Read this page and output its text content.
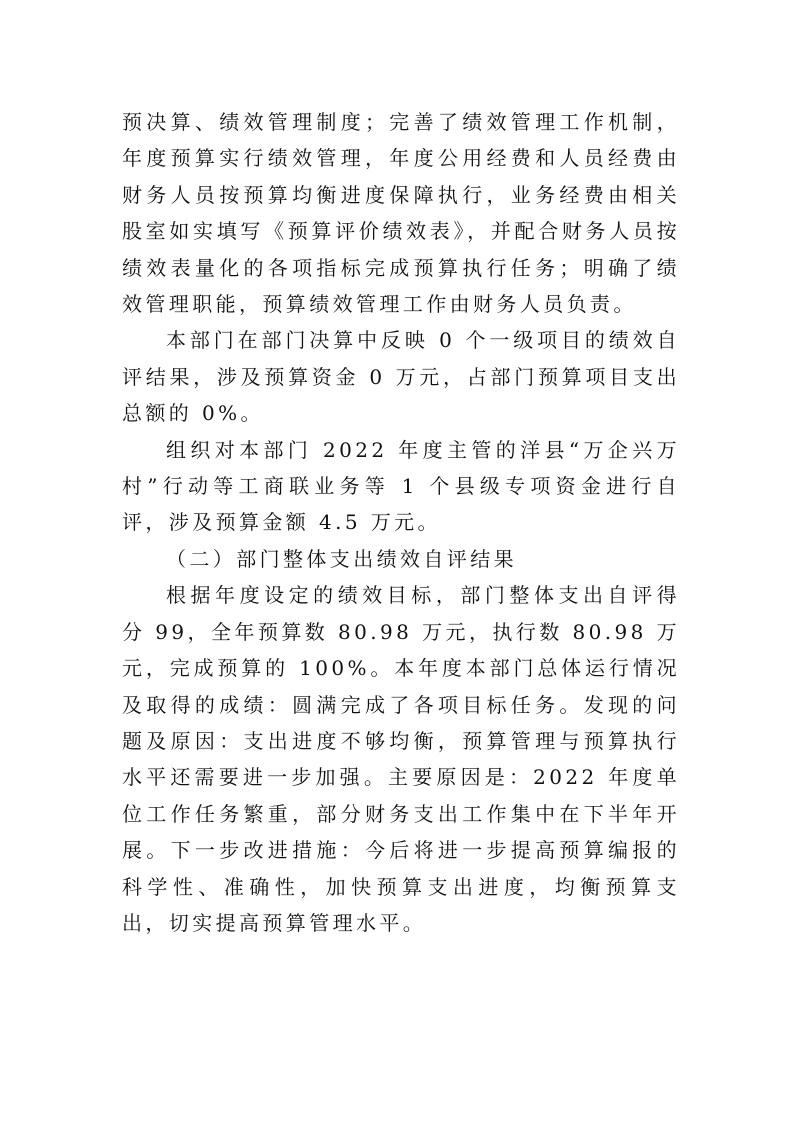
预决算、绩效管理制度；完善了绩效管理工作机制，年度预算实行绩效管理，年度公用经费和人员经费由财务人员按预算均衡进度保障执行，业务经费由相关股室如实填写《预算评价绩效表》，并配合财务人员按绩效表量化的各项指标完成预算执行任务；明确了绩效管理职能，预算绩效管理工作由财务人员负责。

本部门在部门决算中反映 0 个一级项目的绩效自评结果，涉及预算资金 0 万元，占部门预算项目支出总额的 0%。

组织对本部门 2022 年度主管的洋县“万企兴万村”行动等工商联业务等 1 个县级专项资金进行自评，涉及预算金额 4.5 万元。

（二）部门整体支出绩效自评结果

根据年度设定的绩效目标，部门整体支出自评得分 99，全年预算数 80.98 万元，执行数 80.98 万元，完成预算的 100%。本年度本部门总体运行情况及取得的成绩：圆满完成了各项目标任务。发现的问题及原因：支出进度不够均衡，预算管理与预算执行水平还需要进一步加强。主要原因是：2022 年度单位工作任务繁重，部分财务支出工作集中在下半年开展。下一步改进措施：今后将进一步提高预算编报的科学性、准确性，加快预算支出进度，均衡预算支出，切实提高预算管理水平。
